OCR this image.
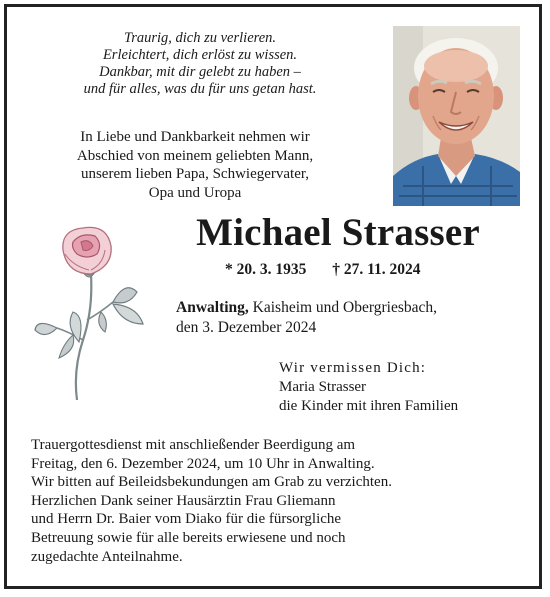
Traurig, dich zu verlieren.
Erleichtert, dich erlöst zu wissen.
Dankbar, mit dir gelebt zu haben –
und für alles, was du für uns getan hast.
In Liebe und Dankbarkeit nehmen wir
Abschied von meinem geliebten Mann,
unserem lieben Papa, Schwiegervater,
Opa und Uropa
Michael Strasser
* 20. 3. 1935 † 27. 11. 2024
Anwalting, Kaisheim und Obergriesbach,
den 3. Dezember 2024
Wir vermissen Dich:
Maria Strasser
die Kinder mit ihren Familien
Trauergottesdienst mit anschließender Beerdigung am
Freitag, den 6. Dezember 2024, um 10 Uhr in Anwalting.
Wir bitten auf Beileidsbekundungen am Grab zu verzichten.
Herzlichen Dank seiner Hausärztin Frau Gliemann
und Herrn Dr. Baier vom Diako für die fürsorgliche
Betreuung sowie für alle bereits erwiesene und noch
zugedachte Anteilnahme.
